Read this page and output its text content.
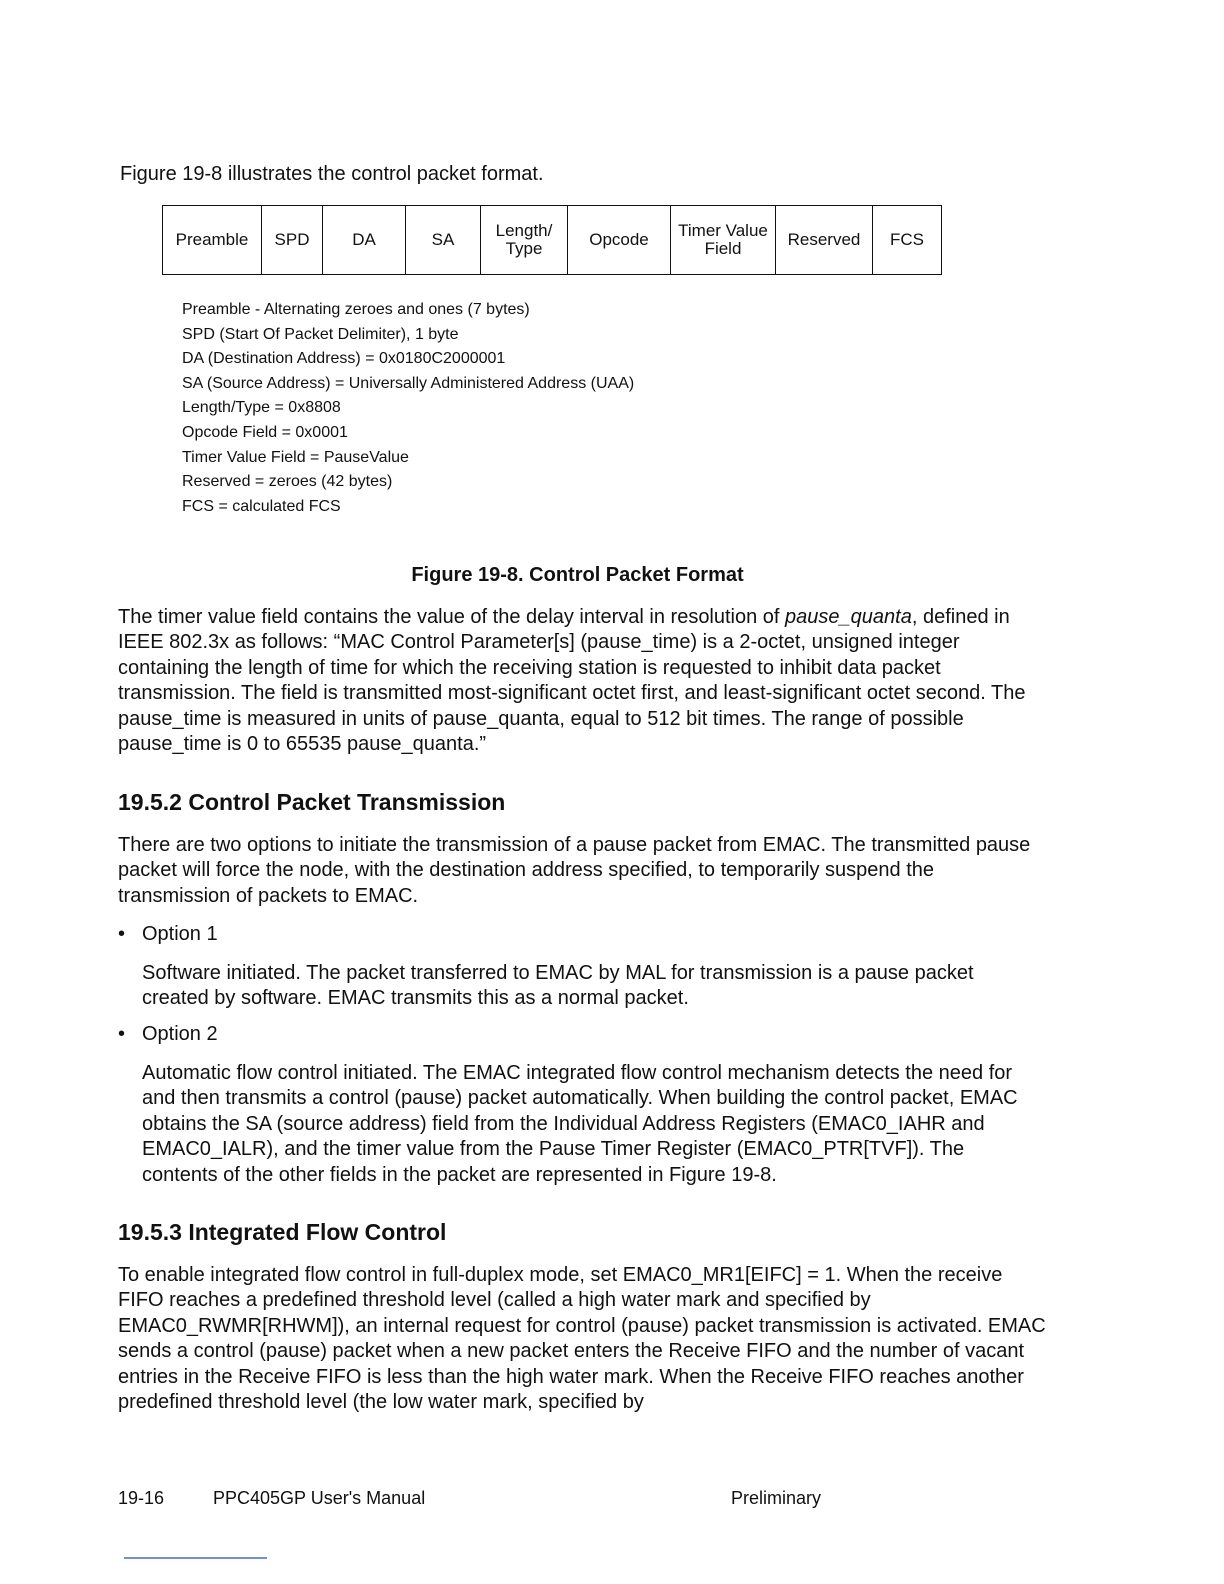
Figure 19-8 illustrates the control packet format.

Preamble	SPD	DA	SA	Length/ Type	Opcode	Timer Value Field	Reserved	FCS
Preamble - Alternating zeroes and ones (7 bytes)
SPD (Start Of Packet Delimiter), 1 byte
DA (Destination Address) = 0x0180C2000001
SA (Source Address) = Universally Administered Address (UAA)
Length/Type = 0x8808
Opcode Field = 0x0001
Timer Value Field = PauseValue
Reserved = zeroes (42 bytes)
FCS = calculated FCS

Figure 19-8. Control Packet Format

The timer value field contains the value of the delay interval in resolution of pause_quanta, defined in IEEE 802.3x as follows: “MAC Control Parameter[s] (pause_time) is a 2-octet, unsigned integer containing the length of time for which the receiving station is requested to inhibit data packet transmission. The field is transmitted most-significant octet first, and least-significant octet second. The pause_time is measured in units of pause_quanta, equal to 512 bit times. The range of possible pause_time is 0 to 65535 pause_quanta.”

19.5.2 Control Packet Transmission

There are two options to initiate the transmission of a pause packet from EMAC. The transmitted pause packet will force the node, with the destination address specified, to temporarily suspend the transmission of packets to EMAC.

• Option 1

Software initiated. The packet transferred to EMAC by MAL for transmission is a pause packet created by software. EMAC transmits this as a normal packet.

• Option 2

Automatic flow control initiated. The EMAC integrated flow control mechanism detects the need for and then transmits a control (pause) packet automatically. When building the control packet, EMAC obtains the SA (source address) field from the Individual Address Registers (EMAC0_IAHR and EMAC0_IALR), and the timer value from the Pause Timer Register (EMAC0_PTR[TVF]). The contents of the other fields in the packet are represented in Figure 19-8.

19.5.3 Integrated Flow Control

To enable integrated flow control in full-duplex mode, set EMAC0_MR1[EIFC] = 1. When the receive FIFO reaches a predefined threshold level (called a high water mark and specified by EMAC0_RWMR[RHWM]), an internal request for control (pause) packet transmission is activated. EMAC sends a control (pause) packet when a new packet enters the Receive FIFO and the number of vacant entries in the Receive FIFO is less than the high water mark. When the Receive FIFO reaches another predefined threshold level (the low water mark, specified by

19-16	PPC405GP User's Manual	Preliminary
